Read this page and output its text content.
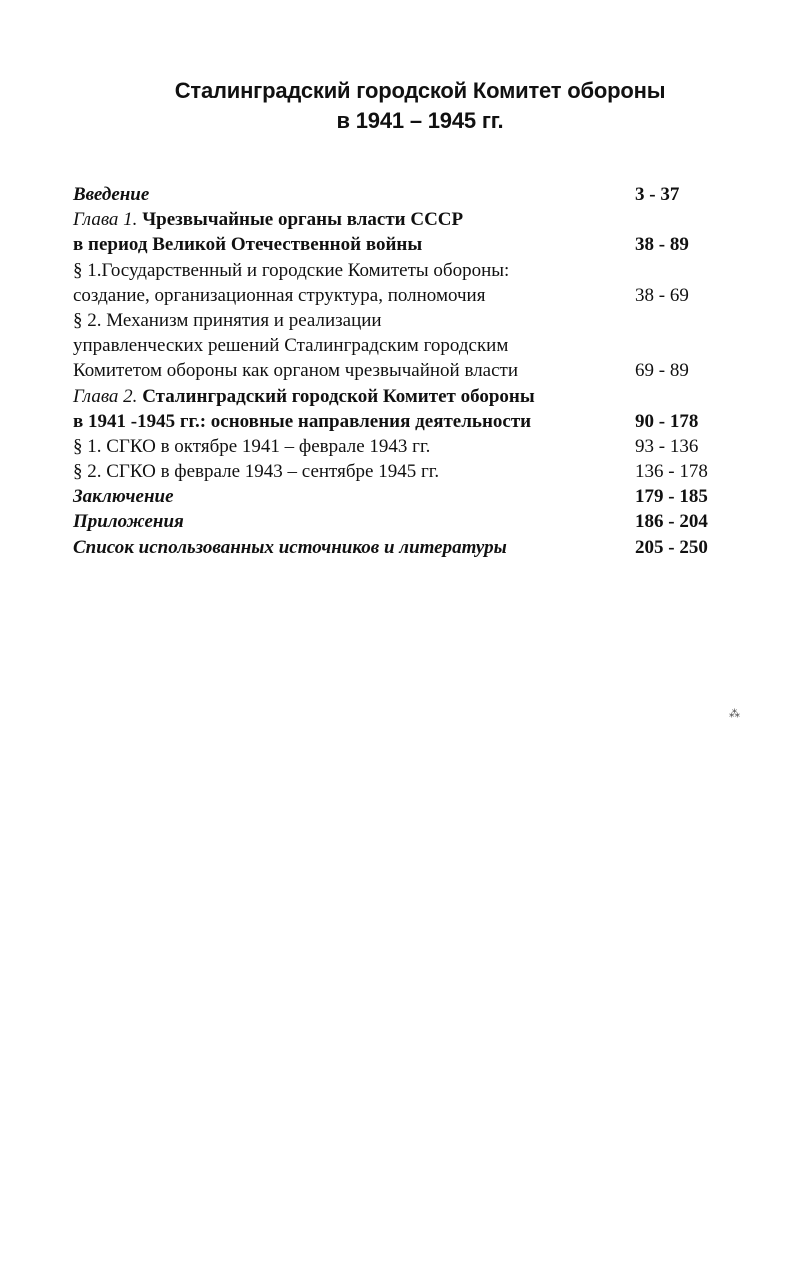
Сталинградский городской Комитет обороны
в 1941 – 1945 гг.
Введение	3 - 37
Глава 1. Чрезвычайные органы власти СССР
в период Великой Отечественной войны	38 - 89
§ 1.Государственный и городские Комитеты обороны:
создание, организационная структура, полномочия	38 - 69
§ 2. Механизм принятия и реализации
управленческих решений Сталинградским городским
Комитетом обороны как органом чрезвычайной власти	69 - 89
Глава 2. Сталинградский городской Комитет обороны
в 1941 -1945 гг.: основные направления деятельности	90 - 178
§ 1. СГКО в октябре 1941 – феврале 1943 гг.	93 - 136
§ 2. СГКО в феврале 1943 – сентябре 1945 гг.	136 - 178
Заключение	179 - 185
Приложения	186 - 204
Список использованных источников и литературы	205 - 250
⁂
